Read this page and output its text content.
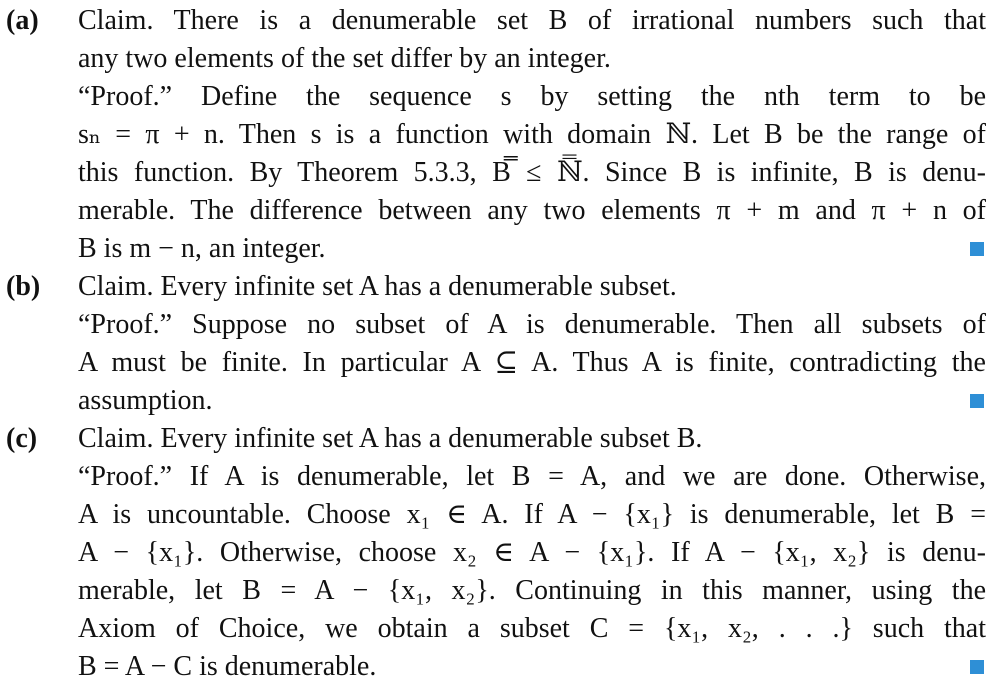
(a) Claim. There is a denumerable set B of irrational numbers such that
any two elements of the set differ by an integer.
“Proof.” Define the sequence s by setting the nth term to be
sₙ = π + n. Then s is a function with domain ℕ. Let B be the range of
this function. By Theorem 5.3.3, B̿ ≤ ℕ̿. Since B is infinite, B is denu-
merable. The difference between any two elements π + m and π + n of
B is m − n, an integer.
(b) Claim. Every infinite set A has a denumerable subset.
“Proof.” Suppose no subset of A is denumerable. Then all subsets of
A must be finite. In particular A ⊆ A. Thus A is finite, contradicting the
assumption.
(c) Claim. Every infinite set A has a denumerable subset B.
“Proof.” If A is denumerable, let B = A, and we are done. Otherwise,
A is uncountable. Choose x₁ ∈ A. If A − {x₁} is denumerable, let B =
A − {x₁}. Otherwise, choose x₂ ∈ A − {x₁}. If A − {x₁, x₂} is denu-
merable, let B = A − {x₁, x₂}. Continuing in this manner, using the
Axiom of Choice, we obtain a subset C = {x₁, x₂, . . .} such that
B = A − C is denumerable.
